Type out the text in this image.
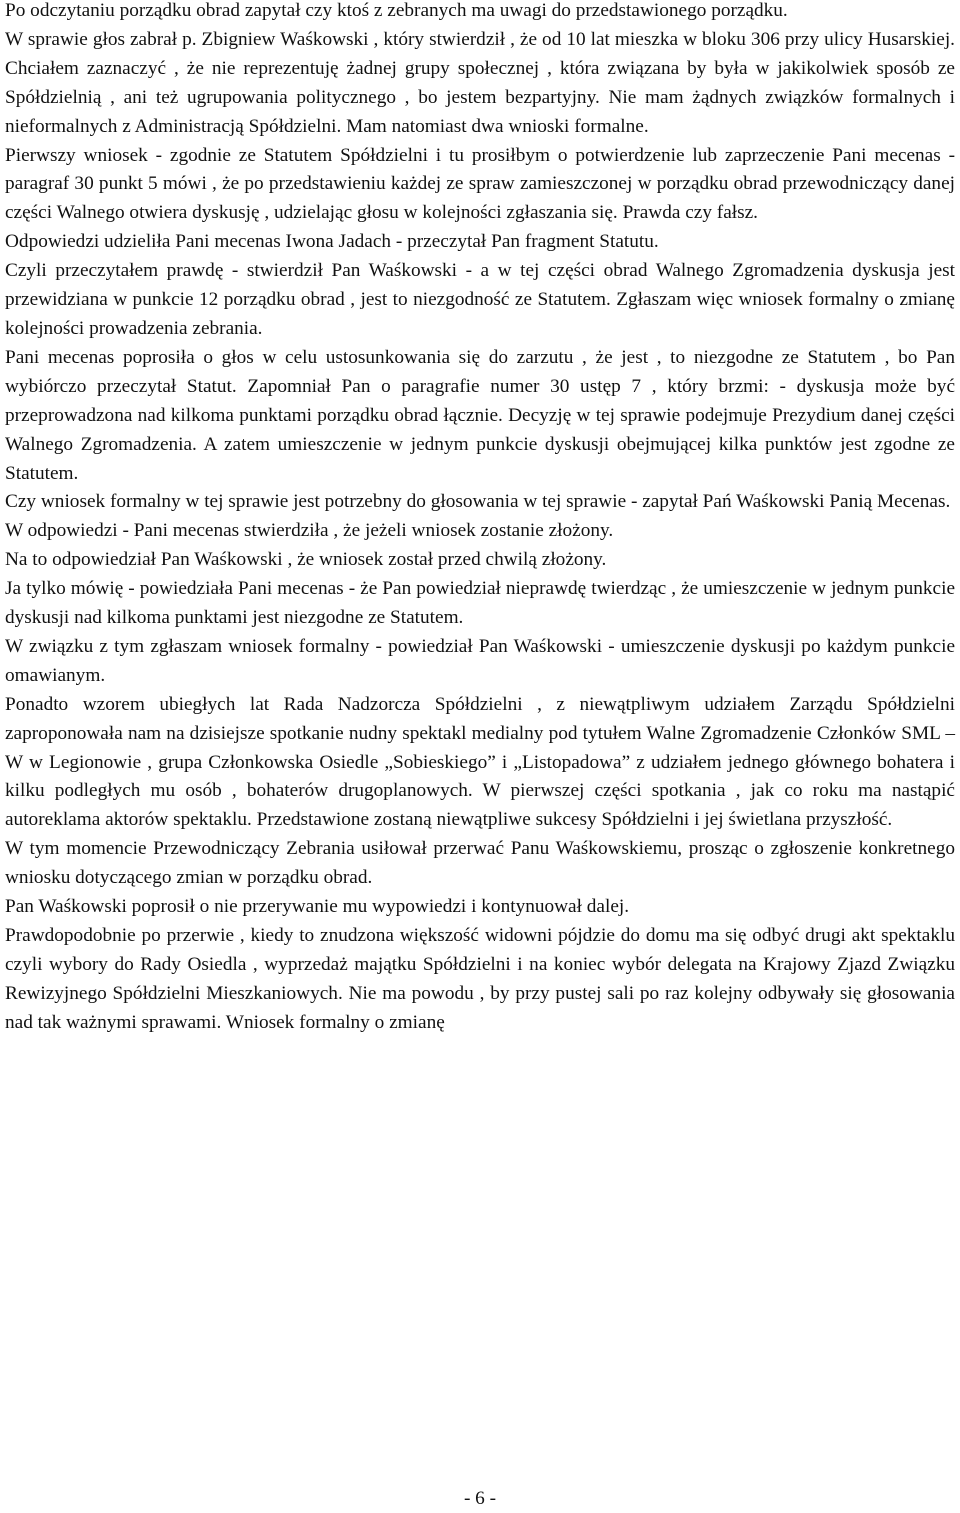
Po odczytaniu porządku obrad zapytał czy ktoś z zebranych ma uwagi do przedstawionego porządku.

W sprawie głos zabrał p. Zbigniew Waśkowski , który stwierdził , że od 10 lat mieszka w bloku 306 przy ulicy Husarskiej. Chciałem zaznaczyć , że nie reprezentuję żadnej grupy społecznej , która związana by była w jakikolwiek sposób ze Spółdzielnią , ani też ugrupowania politycznego , bo jestem bezpartyjny. Nie mam żądnych związków formalnych i nieformalnych z Administracją Spółdzielni. Mam natomiast dwa wnioski formalne.

Pierwszy wniosek - zgodnie ze Statutem Spółdzielni i tu prosiłbym o potwierdzenie lub zaprzeczenie Pani mecenas - paragraf 30 punkt 5 mówi , że po przedstawieniu każdej ze spraw zamieszczonej w porządku obrad przewodniczący danej części Walnego otwiera dyskusję , udzielając głosu w kolejności zgłaszania się. Prawda czy fałsz.

Odpowiedzi udzieliła Pani mecenas Iwona Jadach - przeczytał Pan fragment Statutu.

Czyli przeczytałem prawdę - stwierdził Pan Waśkowski - a w tej części obrad Walnego Zgromadzenia dyskusja jest przewidziana w punkcie 12 porządku obrad , jest to niezgodność ze Statutem. Zgłaszam więc wniosek formalny o zmianę kolejności prowadzenia zebrania.

Pani mecenas poprosiła o głos w celu ustosunkowania się do zarzutu , że jest , to niezgodne ze Statutem , bo Pan wybiórczo przeczytał Statut. Zapomniał Pan o paragrafie numer 30 ustęp 7 , który brzmi: - dyskusja może być przeprowadzona nad kilkoma punktami porządku obrad łącznie. Decyzję w tej sprawie podejmuje Prezydium danej części Walnego Zgromadzenia. A zatem umieszczenie w jednym punkcie dyskusji obejmującej kilka punktów jest zgodne ze Statutem.

Czy wniosek formalny w tej sprawie jest potrzebny do głosowania w tej sprawie - zapytał Pań Waśkowski Panią Mecenas.

W odpowiedzi - Pani mecenas stwierdziła , że jeżeli wniosek zostanie złożony.

Na to odpowiedział Pan Waśkowski , że wniosek został przed chwilą złożony.

Ja tylko mówię - powiedziała Pani mecenas - że Pan powiedział nieprawdę twierdząc , że umieszczenie w jednym punkcie dyskusji nad kilkoma punktami jest niezgodne ze Statutem.

W związku z tym zgłaszam wniosek formalny - powiedział Pan Waśkowski - umieszczenie dyskusji po każdym punkcie omawianym.

Ponadto wzorem ubiegłych lat Rada Nadzorcza Spółdzielni , z niewątpliwym udziałem Zarządu Spółdzielni zaproponowała nam na dzisiejsze spotkanie nudny spektakl medialny pod tytułem Walne Zgromadzenie Członków SML – W w Legionowie , grupa Członkowska Osiedle „Sobieskiego” i „Listopadowa” z udziałem jednego głównego bohatera i kilku podległych mu osób , bohaterów drugoplanowych. W pierwszej części spotkania , jak co roku ma nastąpić autoreklama aktorów spektaklu. Przedstawione zostaną niewątpliwe sukcesy Spółdzielni i jej świetlana przyszłość.

W tym momencie Przewodniczący Zebrania usiłował przerwać Panu Waśkowskiemu, prosząc o zgłoszenie konkretnego wniosku dotyczącego zmian w porządku obrad.

Pan Waśkowski poprosił o nie przerywanie mu wypowiedzi i kontynuował dalej.

Prawdopodobnie po przerwie , kiedy to znudzona większość widowni pójdzie do domu ma się odbyć drugi akt spektaklu czyli wybory do Rady Osiedla , wyprzedaż majątku Spółdzielni i na koniec wybór delegata na Krajowy Zjazd Związku Rewizyjnego Spółdzielni Mieszkaniowych. Nie ma powodu , by przy pustej sali po raz kolejny odbywały się głosowania nad tak ważnymi sprawami. Wniosek formalny o zmianę

- 6 -
